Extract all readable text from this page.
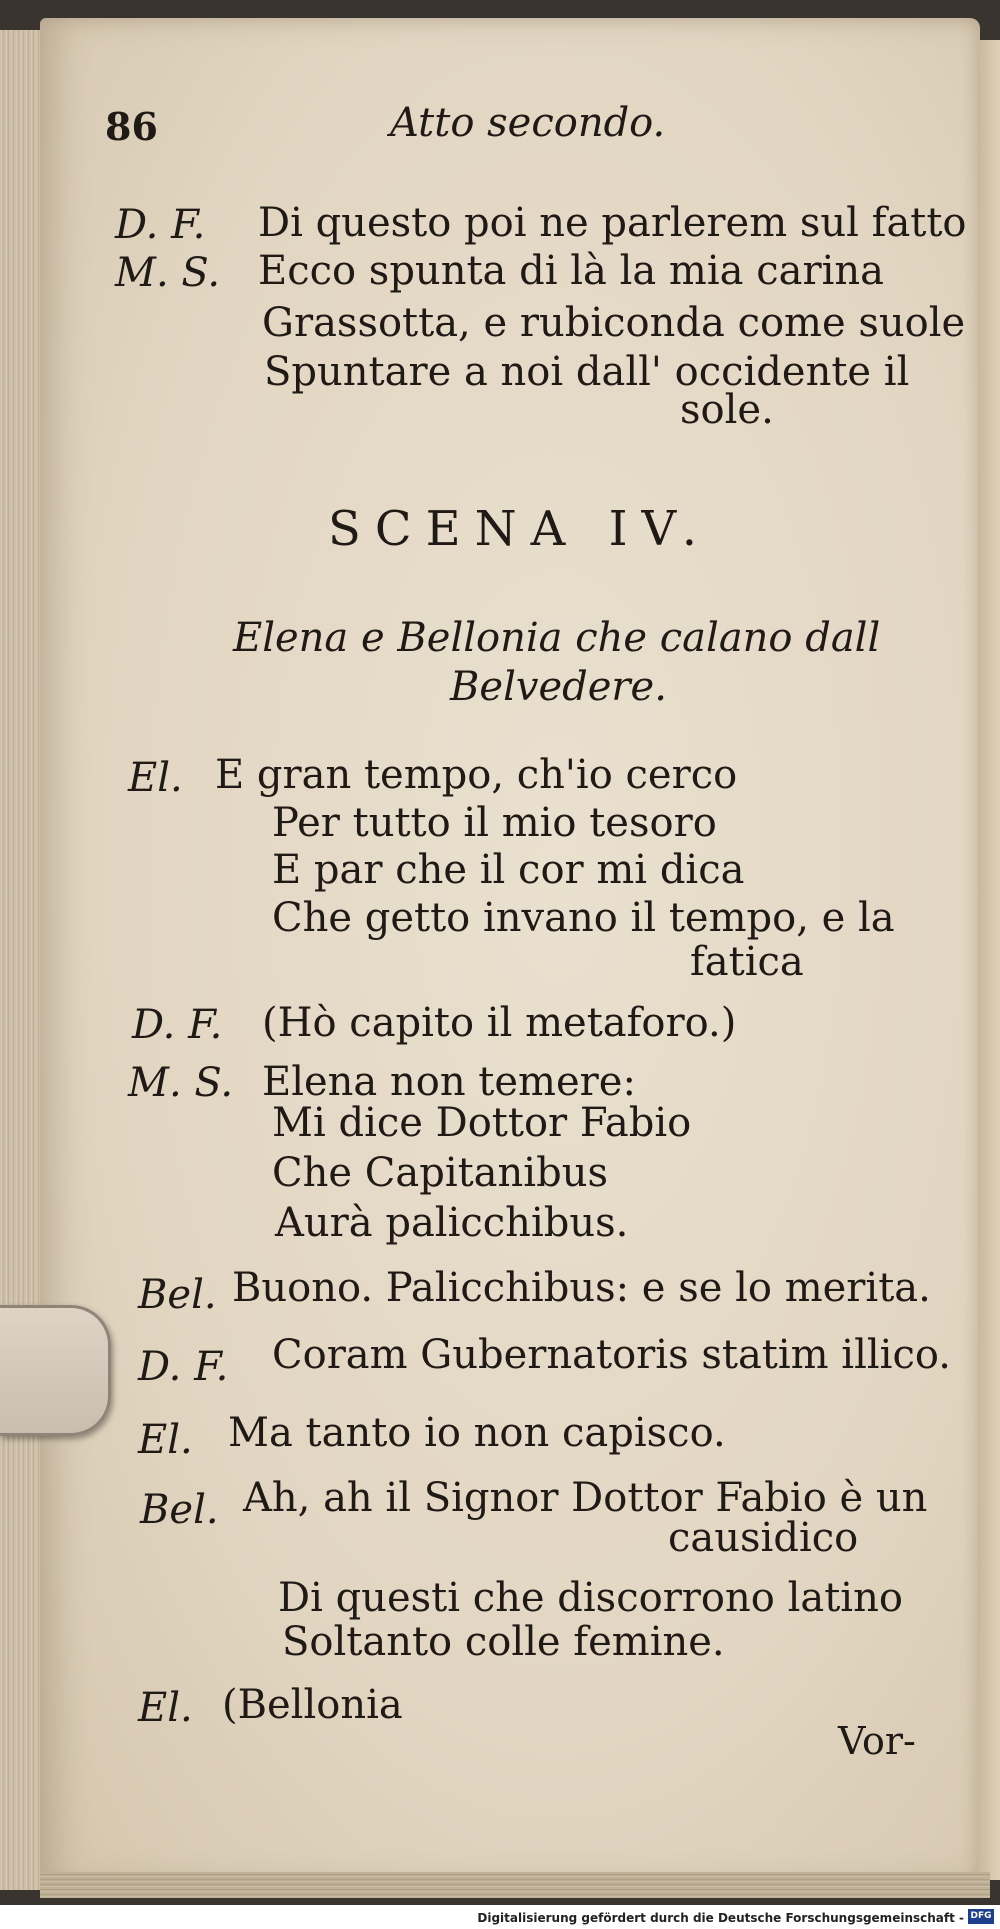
86	Atto secondo.
D. F. Di questo poi ne parlerem sul fatto
M. S. Ecco spunta di là la mia carina
Grassotta, e rubiconda come suole
Spuntare a noi dall' occidente il
sole.
SCENA IV.
Elena e Bellonia che calano dall
Belvedere.
El. E gran tempo, ch'io cerco
Per tutto il mio tesoro
E par che il cor mi dica
Che getto invano il tempo, e la
fatica
D. F. (Hò capito il metaforo.)
M. S. Elena non temere:
Mi dice Dottor Fabio
Che Capitanibus
Aurà palicchibus.
Bel. Buono. Palicchibus: e se lo merita.
D. F. Coram Gubernatoris statim illico.
El. Ma tanto io non capisco.
Bel. Ah, ah il Signor Dottor Fabio è un
causidico
Di questi che discorrono latino
Soltanto colle femine.
El. (Bellonia
Vor-
Digitalisierung gefördert durch die Deutsche Forschungsgemeinschaft - DFG
